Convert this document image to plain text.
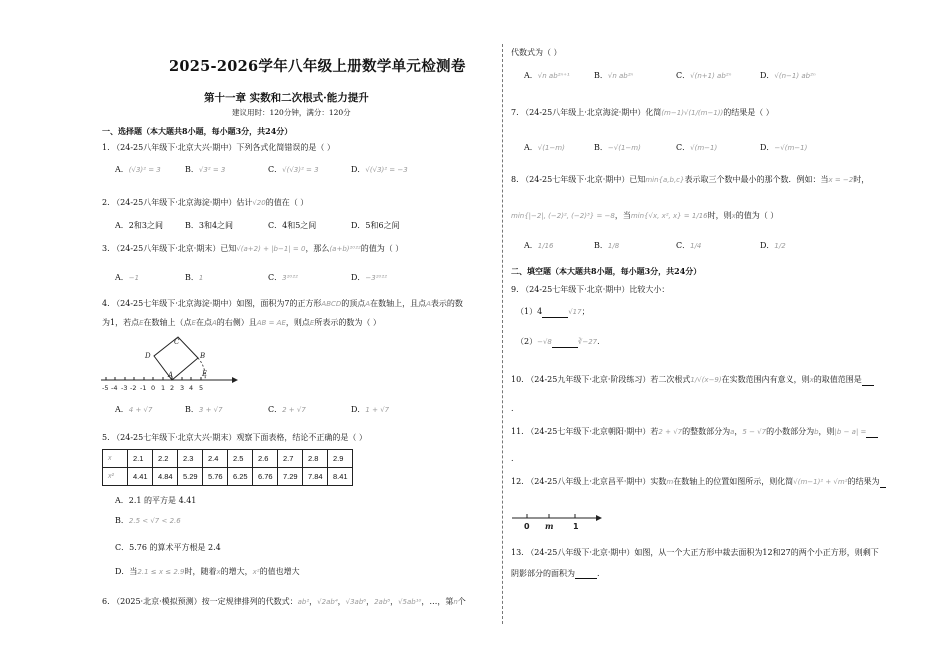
2025-2026学年八年级上册数学单元检测卷
第十一章 实数和二次根式·能力提升
建议用时：120分钟，满分：120分
一、选择题（本大题共8小题，每小题3分，共24分）
1. （24-25八年级下·北京大兴·期中）下列各式化简错误的是（ ）
A．(√3)² = 3	B．√3² = 3	C．√(√3)² = 3	D．√(√3)² = −3
2. （24-25八年级下·北京海淀·期中）估计√20的值在（ ）
A．2和3之间	B．3和4之间	C．4和5之间	D．5和6之间
3. （24-25八年级下·北京·期末）已知√(a+2) + |b−1| = 0，那么(a+b)²⁰²²的值为（ ）
A．−1	B．1	C．3²⁰²²	D．−3²⁰²²
4. （24-25七年级下·北京海淀·期中）如图，面积为7的正方形ABCD的顶点A在数轴上，且点A表示的数
为1，若点E在数轴上（点E在点A的右侧）且AB = AE，则点E所表示的数为（ ）
-5 -4 -3 -2 -1 0 1 2 3 4 5
B
C
D
A	E
A．4 + √7	B．3 + √7	C．2 + √7	D．1 + √7
5. （24-25七年级下·北京大兴·期末）观察下面表格，结论不正确的是（ ）
x	2.1	2.2	2.3	2.4	2.5	2.6	2.7	2.8	2.9
x²	4.41	4.84	5.29	5.76	6.25	6.76	7.29	7.84	8.41
A．2.1 的平方是 4.41
B．2.5 < √7 < 2.6
C．5.76 的算术平方根是 2.4
D．当2.1 ≤ x ≤ 2.9时，随着x的增大，x²的值也增大
6. （2025·北京·模拟预测）按一定规律排列的代数式：ab²，√2ab⁴，√3ab⁶，2ab⁸，√5ab¹⁰，…，第n个
代数式为（ ）
A．√n ab²ⁿ⁺¹	B．√n ab²ⁿ	C．√(n+1) ab²ⁿ	D．√(n−1) ab²ⁿ
7. （24-25八年级上·北京海淀·期中）化简(m−1)√(1/(m−1))的结果是（ ）
A．√(1−m)	B．−√(1−m)	C．√(m−1)	D．−√(m−1)
8. （24-25七年级下·北京·期中）已知min{a,b,c}表示取三个数中最小的那个数．例如：当x = −2时，
min{|−2|, (−2)², (−2)³} = −8，当min{√x, x², x} = 1/16时，则x的值为（ ）
A．1/16	B．1/8	C．1/4	D．1/2
二、填空题（本大题共8小题，每小题3分，共24分）
9. （24-25七年级下·北京·期中）比较大小：
（1）4	√17；
（2）−√8	∛−27.
10. （24-25九年级下·北京·阶段练习）若二次根式1/√(x−9)在实数范围内有意义，则x的取值范围是
.
11. （24-25七年级下·北京朝阳·期中）若2 + √7的整数部分为a，5 − √7的小数部分为b，则|b − a| =
.
12. （24-25八年级上·北京昌平·期中）实数m在数轴上的位置如图所示，则化简√(m−1)² + √m²的结果为
0 m 1
13. （24-25八年级下·北京·期中）如图，从一个大正方形中裁去面积为12和27的两个小正方形，则剩下
阴影部分的面积为	.
